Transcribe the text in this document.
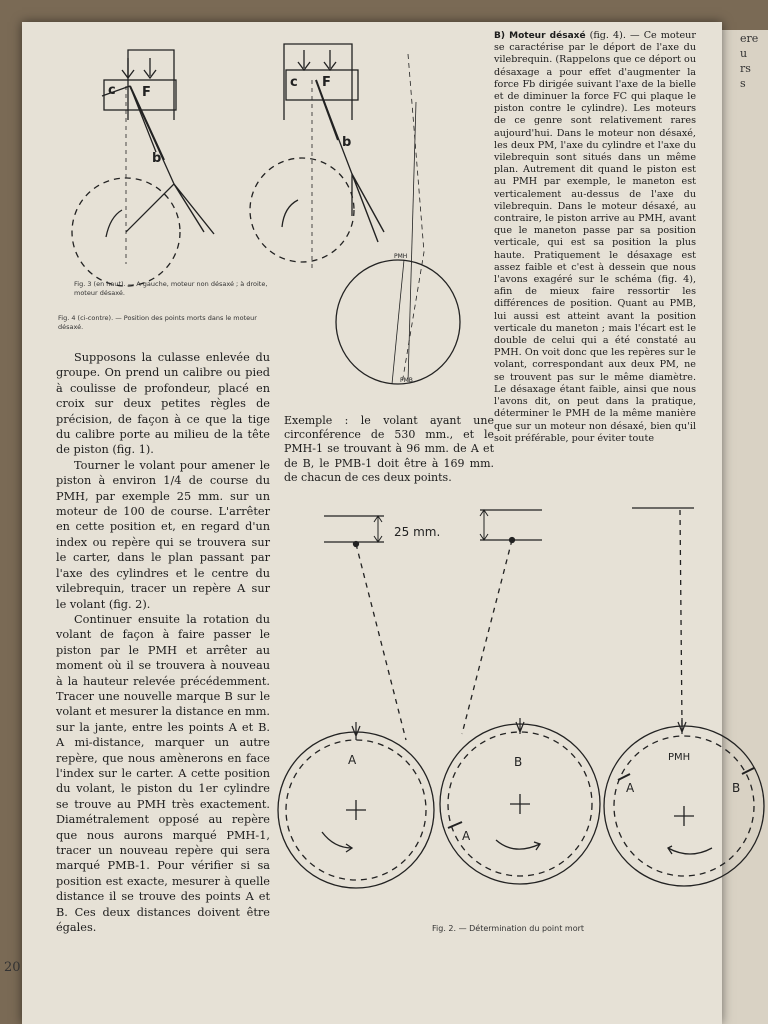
ere
u
rs
s
c F
b
c F
b
PMH
PMB
25 mm.
A	B
A
PMH
A	B
Fig. 3 (en haut). — A gauche, moteur non désaxé ; à droite, moteur désaxé.
Fig. 4 (ci-contre). — Position des points morts dans le moteur désaxé.

Supposons la culasse enlevée du groupe. On prend un calibre ou pied à coulisse de profondeur, placé en croix sur deux petites règles de précision, de façon à ce que la tige du calibre porte au milieu de la tête de piston (fig. 1).

Tourner le volant pour amener le piston à environ 1/4 de course du PMH, par exemple 25 mm. sur un moteur de 100 de course. L'arrêter en cette position et, en regard d'un index ou repère qui se trouvera sur le carter, dans le plan passant par l'axe des cylindres et le centre du vilebrequin, tracer un repère A sur le volant (fig. 2).

Continuer ensuite la rotation du volant de façon à faire passer le piston par le PMH et arrêter au moment où il se trouvera à nouveau à la hauteur relevée précédemment. Tracer une nouvelle marque B sur le volant et mesurer la distance en mm. sur la jante, entre les points A et B. A mi-distance, marquer un autre repère, que nous amènerons en face l'index sur le carter. A cette position du volant, le piston du 1er cylindre se trouve au PMH très exactement. Diamétralement opposé au repère que nous aurons marqué PMH-1, tracer un nouveau repère qui sera marqué PMB-1. Pour vérifier si sa position est exacte, mesurer à quelle distance il se trouve des points A et B. Ces deux distances doivent être égales.

Exemple : le volant ayant une circonférence de 530 mm., et le PMH-1 se trouvant à 96 mm. de A et de B, le PMB-1 doit être à 169 mm. de chacun de ces deux points.
B) Moteur désaxé (fig. 4). — Ce moteur se caractérise par le déport de l'axe du vilebrequin. (Rappelons que ce déport ou désaxage a pour effet d'augmenter la force Fb dirigée suivant l'axe de la bielle et de diminuer la force FC qui plaque le piston contre le cylindre). Les moteurs de ce genre sont relativement rares aujourd'hui. Dans le moteur non désaxé, les deux PM, l'axe du cylindre et l'axe du vilebrequin sont situés dans un même plan. Autrement dit quand le piston est au PMH par exemple, le maneton est verticalement au-dessus de l'axe du vilebrequin. Dans le moteur désaxé, au contraire, le piston arrive au PMH, avant que le maneton passe par sa position verticale, qui est sa position la plus haute. Pratiquement le désaxage est assez faible et c'est à dessein que nous l'avons exagéré sur le schéma (fig. 4), afin de mieux faire ressortir les différences de position. Quant au PMB, lui aussi est atteint avant la position verticale du maneton ; mais l'écart est le double de celui qui a été constaté au PMH. On voit donc que les repères sur le volant, correspondant aux deux PM, ne se trouvent pas sur le même diamètre. Le désaxage étant faible, ainsi que nous l'avons dit, on peut dans la pratique, déterminer le PMH de la même manière que sur un moteur non désaxé, bien qu'il soit préférable, pour éviter toute
Fig. 2. — Détermination du point mort
20
